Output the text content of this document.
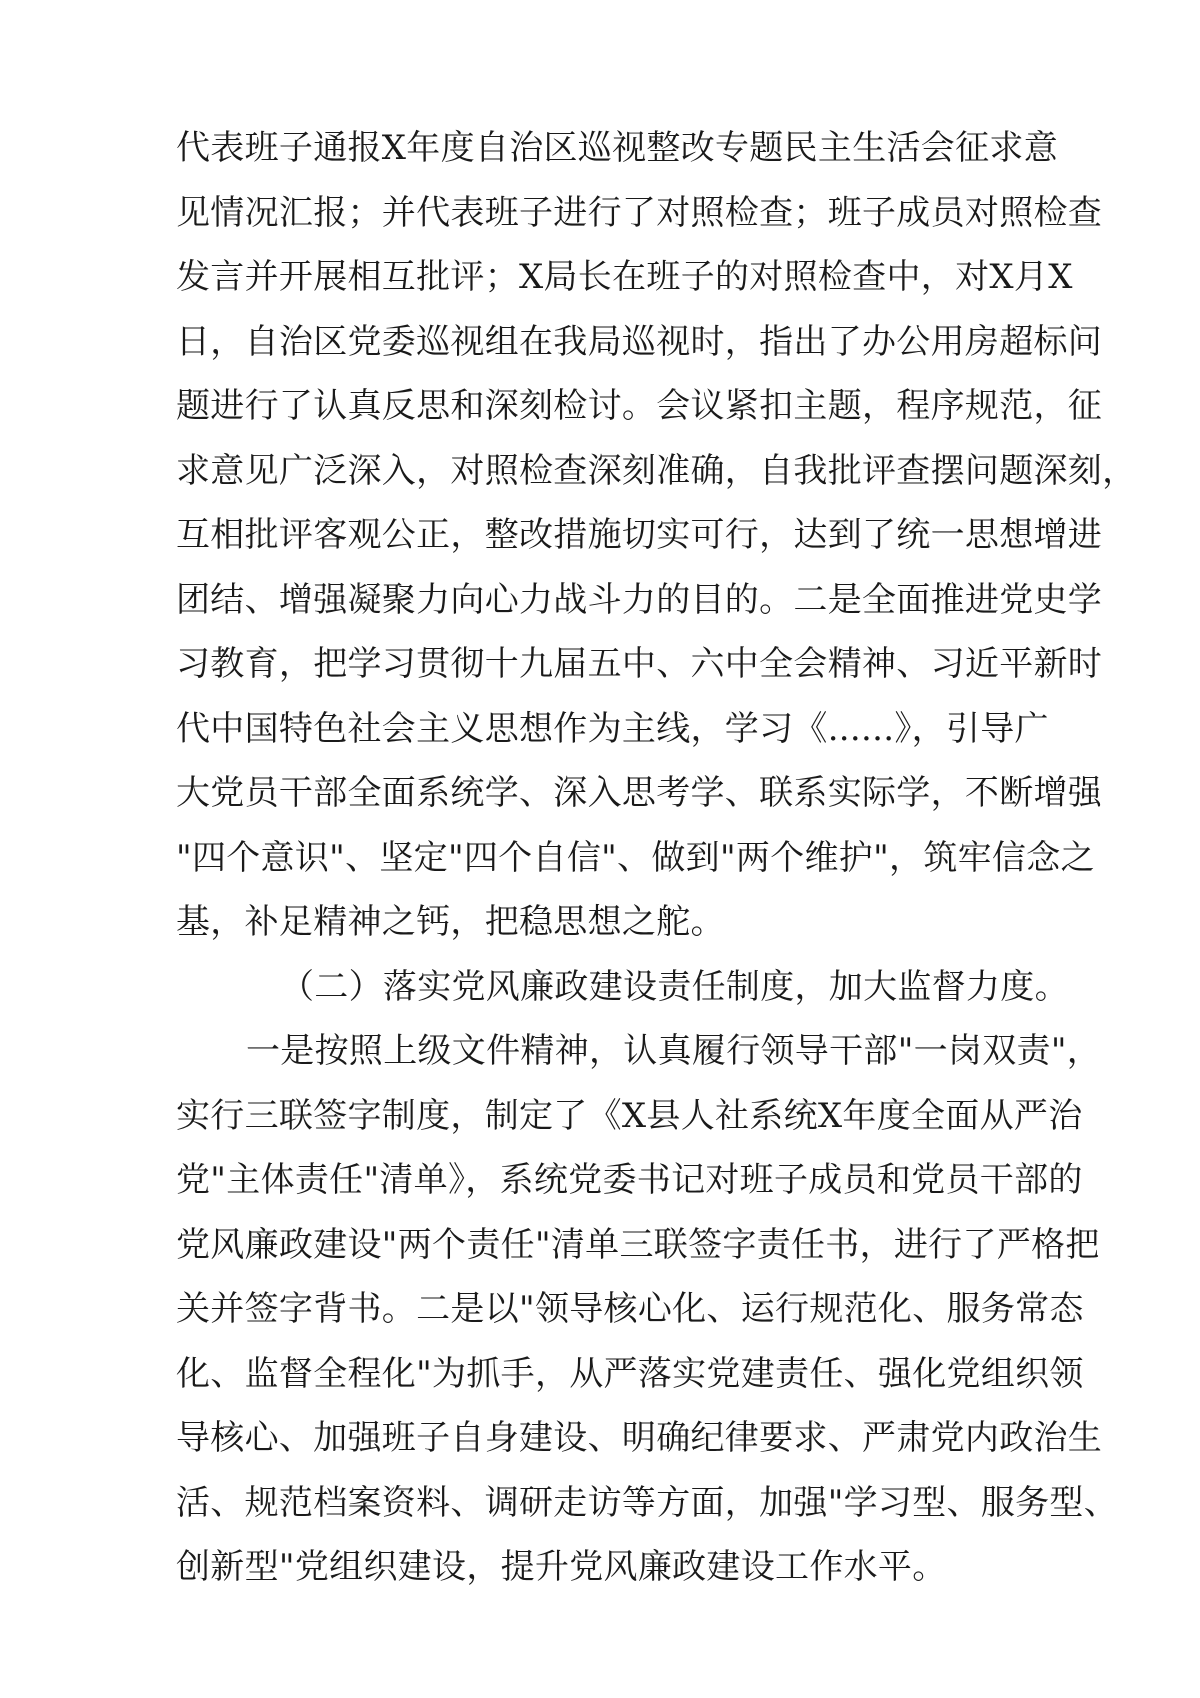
代表班子通报X年度自治区巡视整改专题民主生活会征求意
见情况汇报；并代表班子进行了对照检查；班子成员对照检查
发言并开展相互批评；X局长在班子的对照检查中，对X月X
日，自治区党委巡视组在我局巡视时，指出了办公用房超标问
题进行了认真反思和深刻检讨。会议紧扣主题，程序规范，征
求意见广泛深入，对照检查深刻准确，自我批评查摆问题深刻，
互相批评客观公正，整改措施切实可行，达到了统一思想增进
团结、增强凝聚力向心力战斗力的目的。二是全面推进党史学
习教育，把学习贯彻十九届五中、六中全会精神、习近平新时
代中国特色社会主义思想作为主线，学习《......》，引导广
大党员干部全面系统学、深入思考学、联系实际学，不断增强
"四个意识"、坚定"四个自信"、做到"两个维护"，筑牢信念之
基，补足精神之钙，把稳思想之舵。
（二）落实党风廉政建设责任制度，加大监督力度。
一是按照上级文件精神，认真履行领导干部"一岗双责"，
实行三联签字制度，制定了《X县人社系统X年度全面从严治
党"主体责任"清单》，系统党委书记对班子成员和党员干部的
党风廉政建设"两个责任"清单三联签字责任书，进行了严格把
关并签字背书。二是以"领导核心化、运行规范化、服务常态
化、监督全程化"为抓手，从严落实党建责任、强化党组织领
导核心、加强班子自身建设、明确纪律要求、严肃党内政治生
活、规范档案资料、调研走访等方面，加强"学习型、服务型、
创新型"党组织建设，提升党风廉政建设工作水平。
